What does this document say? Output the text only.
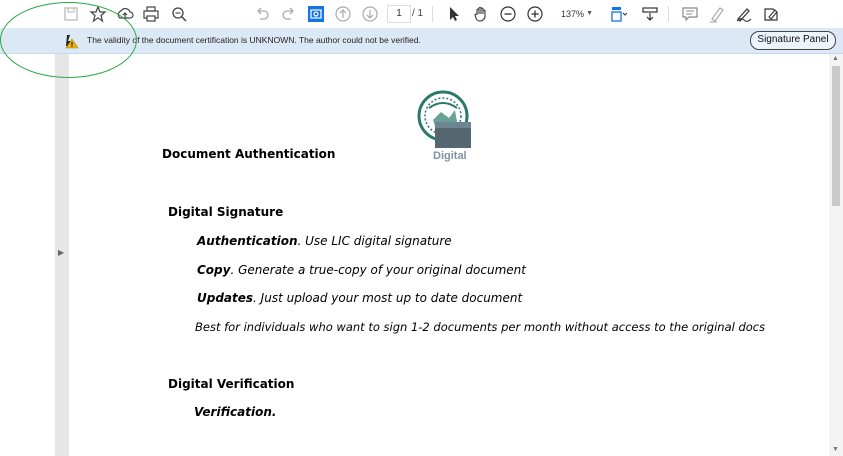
1	/ 1	137% ▼
The validity of the document certification is UNKNOWN. The author could not be verified.	Signature Panel
▶
Digital
Document Authentication
Digital Signature
Authentication. Use LIC digital signature
Copy. Generate a true-copy of your original document
Updates. Just upload your most up to date document
Best for individuals who want to sign 1-2 documents per month without access to the original docs
Digital Verification
Verification.
▲
▼
